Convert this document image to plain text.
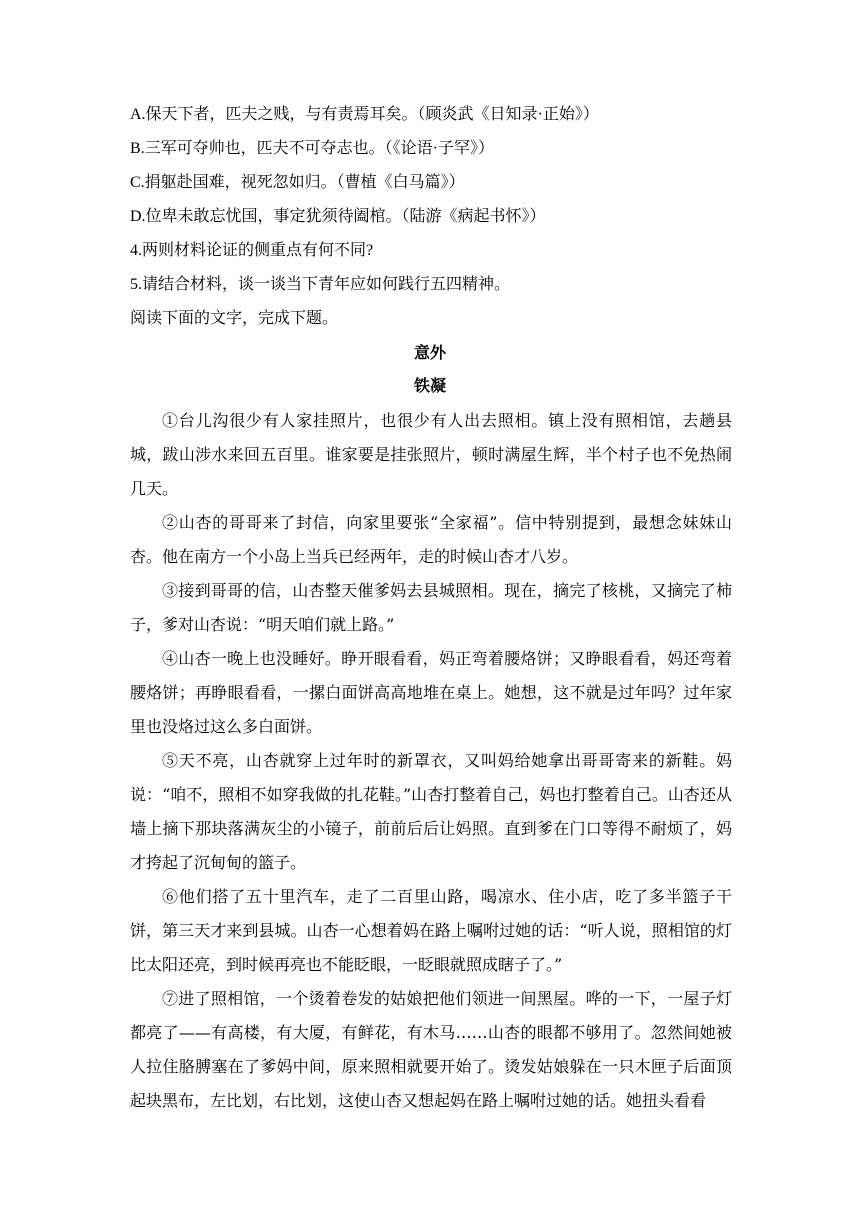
A.保天下者，匹夫之贱，与有责焉耳矣。（顾炎武《日知录·正始》）
B.三军可夺帅也，匹夫不可夺志也。（《论语·子罕》）
C.捐躯赴国难，视死忽如归。（曹植《白马篇》）
D.位卑未敢忘忧国，事定犹须待阖棺。（陆游《病起书怀》）
4.两则材料论证的侧重点有何不同?
5.请结合材料，谈一谈当下青年应如何践行五四精神。
阅读下面的文字，完成下题。
意外
铁凝
①台儿沟很少有人家挂照片，也很少有人出去照相。镇上没有照相馆，去趟县城，跋山涉水来回五百里。谁家要是挂张照片，顿时满屋生辉，半个村子也不免热闹几天。
②山杏的哥哥来了封信，向家里要张“全家福”。信中特别提到，最想念妹妹山杏。他在南方一个小岛上当兵已经两年，走的时候山杏才八岁。
③接到哥哥的信，山杏整天催爹妈去县城照相。现在，摘完了核桃，又摘完了柿子，爹对山杏说：“明天咱们就上路。”
④山杏一晚上也没睡好。睁开眼看看，妈正弯着腰烙饼；又睁眼看看，妈还弯着腰烙饼；再睁眼看看，一摞白面饼高高地堆在桌上。她想，这不就是过年吗？过年家里也没烙过这么多白面饼。
⑤天不亮，山杏就穿上过年时的新罩衣，又叫妈给她拿出哥哥寄来的新鞋。妈说：“咱不，照相不如穿我做的扎花鞋。”山杏打整着自己，妈也打整着自己。山杏还从墙上摘下那块落满灰尘的小镜子，前前后后让妈照。直到爹在门口等得不耐烦了，妈才挎起了沉甸甸的篮子。
⑥他们搭了五十里汽车，走了二百里山路，喝凉水、住小店，吃了多半篮子干饼，第三天才来到县城。山杏一心想着妈在路上嘱咐过她的话：“听人说，照相馆的灯比太阳还亮，到时候再亮也不能眨眼，一眨眼就照成瞎子了。”
⑦进了照相馆，一个烫着卷发的姑娘把他们领进一间黑屋。哗的一下，一屋子灯都亮了——有高楼，有大厦，有鲜花，有木马……山杏的眼都不够用了。忽然间她被人拉住胳膊塞在了爹妈中间，原来照相就要开始了。烫发姑娘躲在一只木匣子后面顶起块黑布，左比划，右比划，这使山杏又想起妈在路上嘱咐过她的话。她扭头看看
